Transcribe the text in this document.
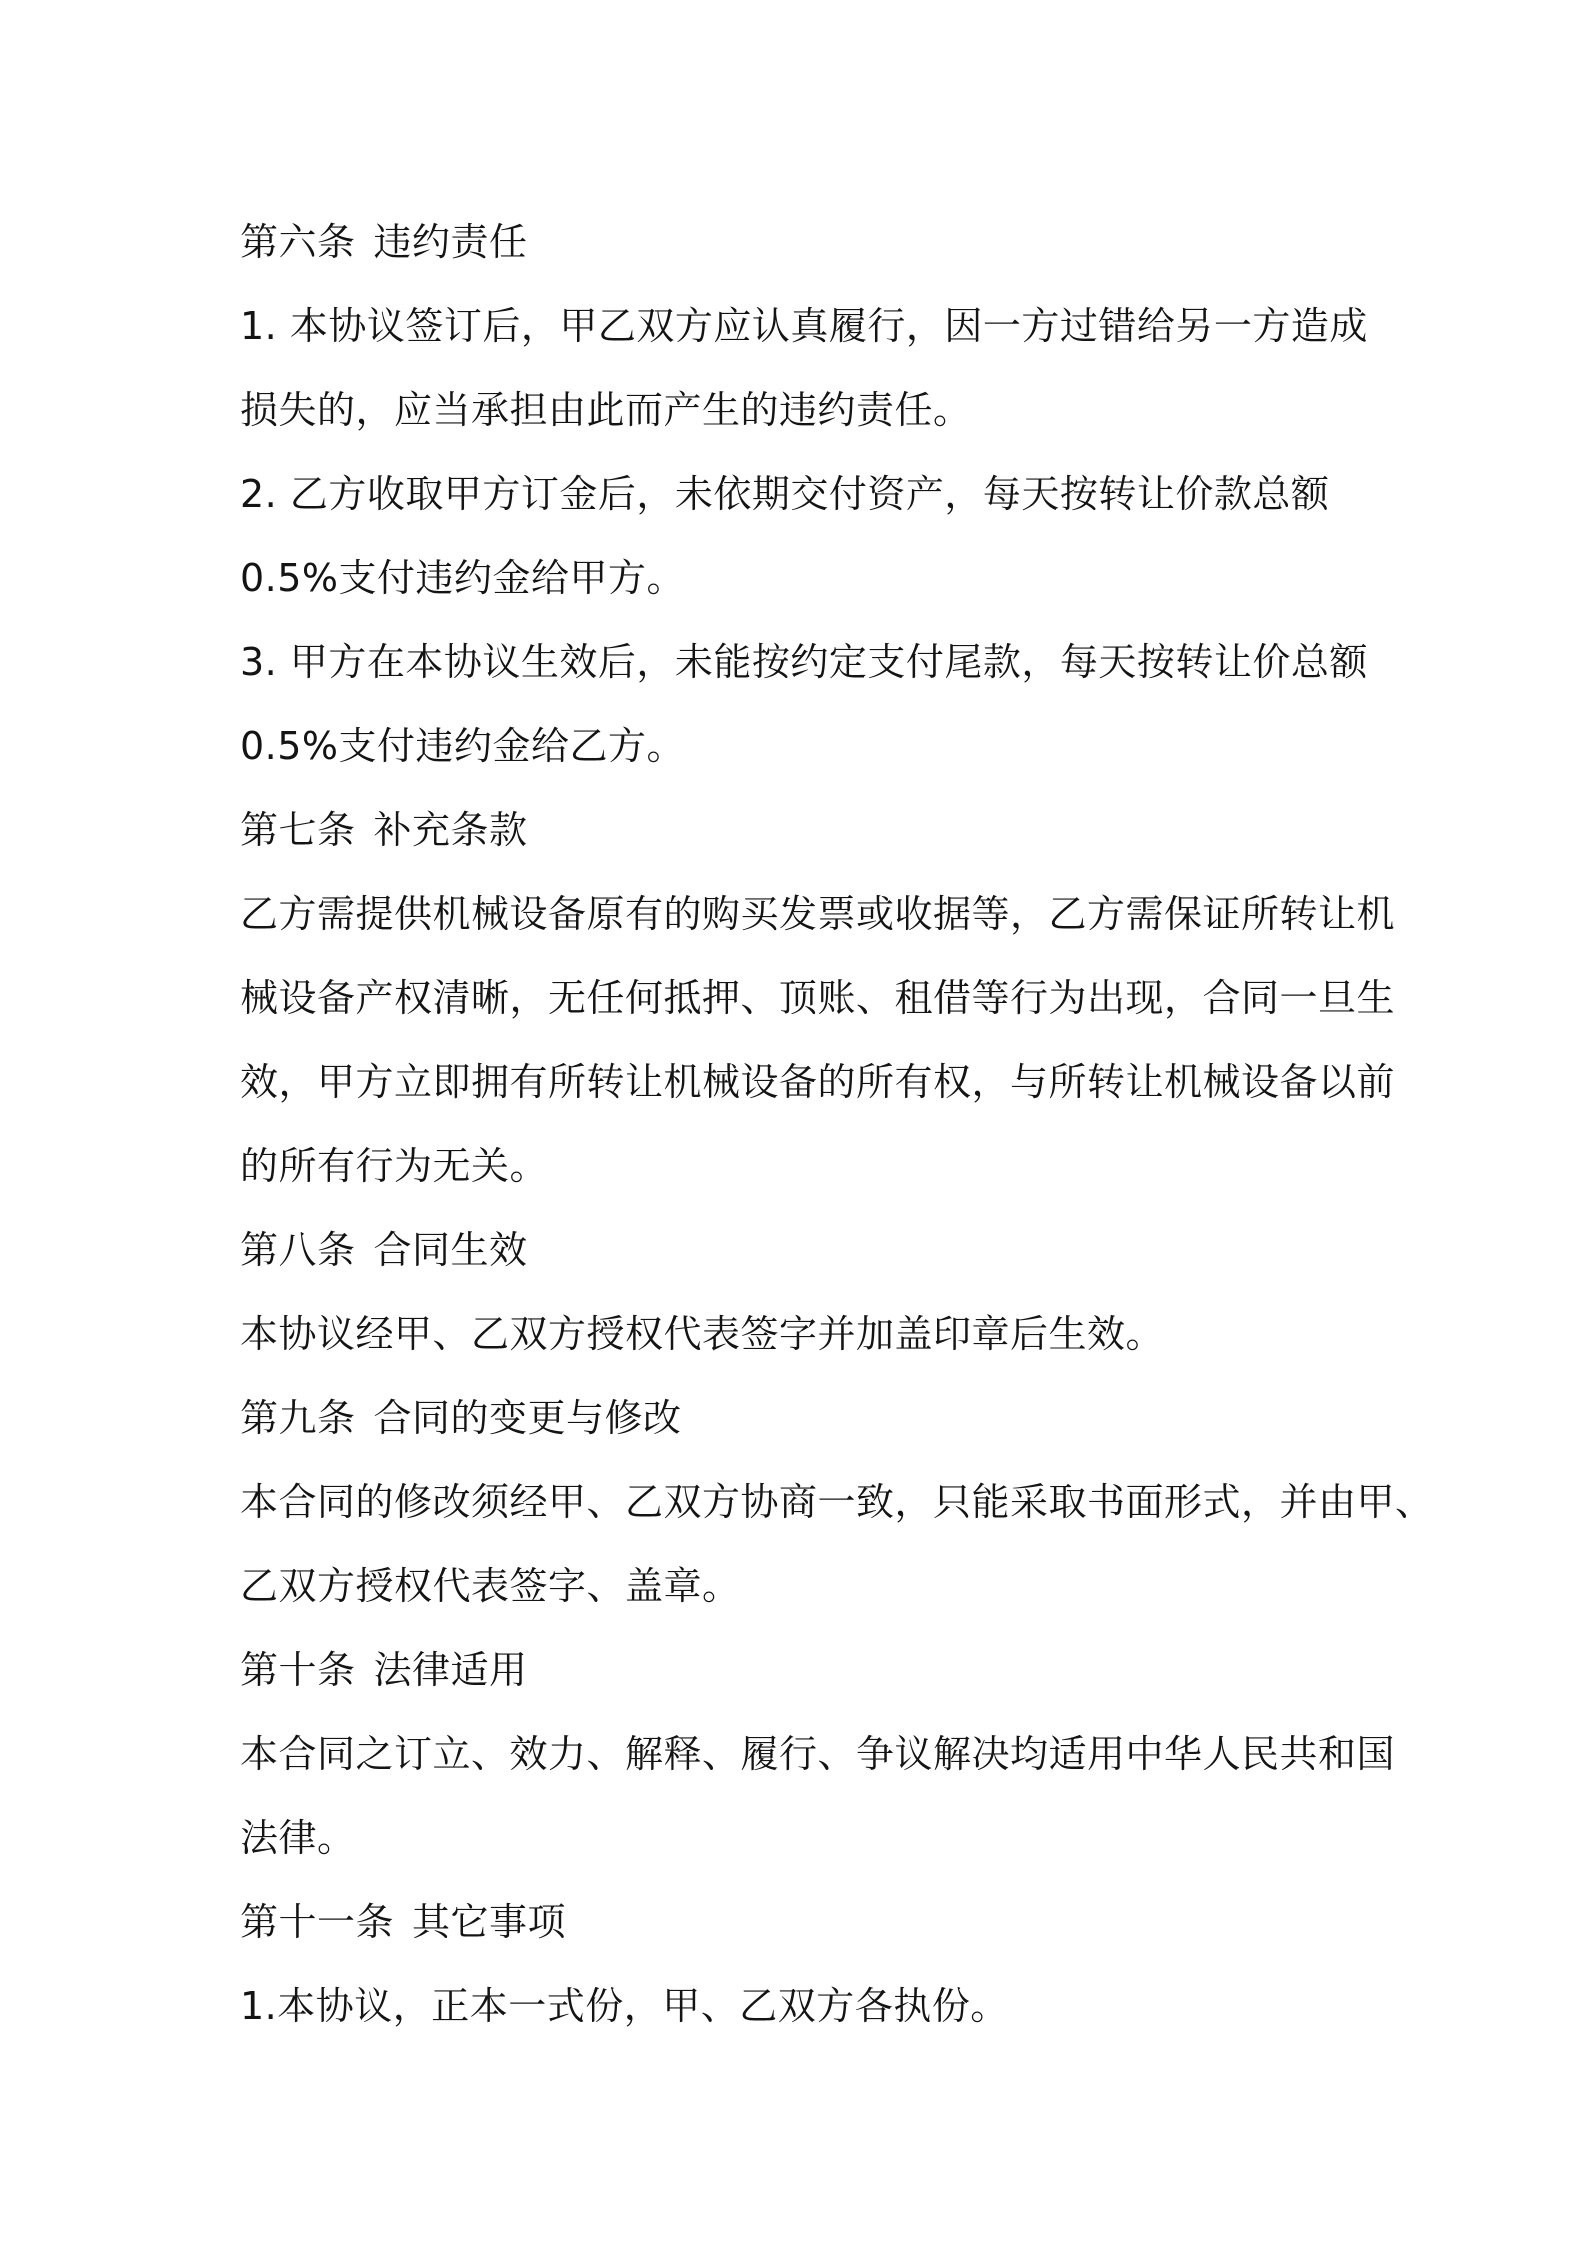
第六条 违约责任
1. 本协议签订后，甲乙双方应认真履行，因一方过错给另一方造成
损失的，应当承担由此而产生的违约责任。
2. 乙方收取甲方订金后，未依期交付资产，每天按转让价款总额
0.5%支付违约金给甲方。
3. 甲方在本协议生效后，未能按约定支付尾款，每天按转让价总额
0.5%支付违约金给乙方。
第七条 补充条款
乙方需提供机械设备原有的购买发票或收据等，乙方需保证所转让机
械设备产权清晰，无任何抵押、顶账、租借等行为出现，合同一旦生
效，甲方立即拥有所转让机械设备的所有权，与所转让机械设备以前
的所有行为无关。
第八条 合同生效
本协议经甲、乙双方授权代表签字并加盖印章后生效。
第九条 合同的变更与修改
本合同的修改须经甲、乙双方协商一致，只能采取书面形式，并由甲、
乙双方授权代表签字、盖章。
第十条 法律适用
本合同之订立、效力、解释、履行、争议解决均适用中华人民共和国
法律。
第十一条 其它事项
1.本协议，正本一式份，甲、乙双方各执份。
